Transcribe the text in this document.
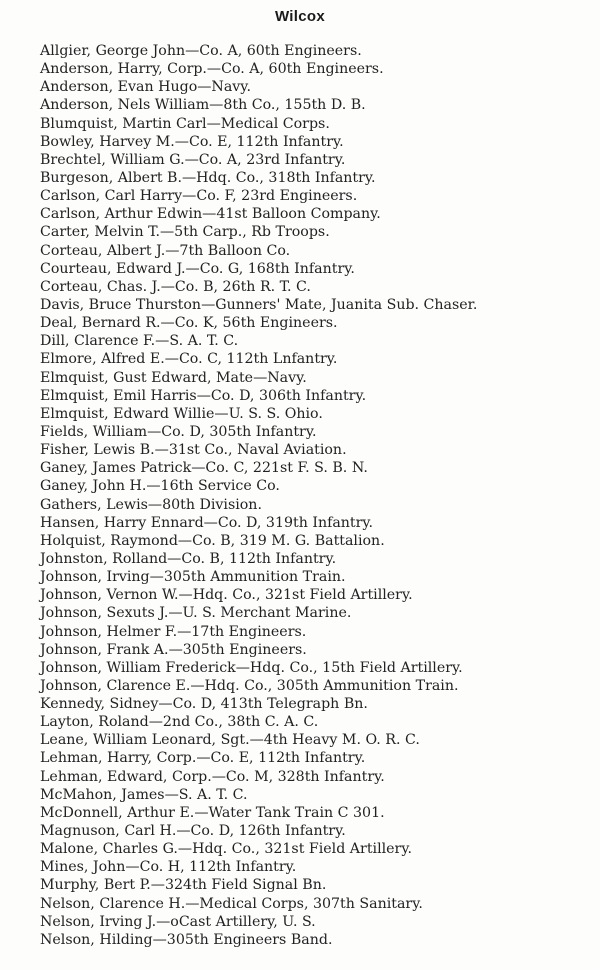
Wilcox
Allgier, George John—Co. A, 60th Engineers.
Anderson, Harry, Corp.—Co. A, 60th Engineers.
Anderson, Evan Hugo—Navy.
Anderson, Nels William—8th Co., 155th D. B.
Blumquist, Martin Carl—Medical Corps.
Bowley, Harvey M.—Co. E, 112th Infantry.
Brechtel, William G.—Co. A, 23rd Infantry.
Burgeson, Albert B.—Hdq. Co., 318th Infantry.
Carlson, Carl Harry—Co. F, 23rd Engineers.
Carlson, Arthur Edwin—41st Balloon Company.
Carter, Melvin T.—5th Carp., Rb Troops.
Corteau, Albert J.—7th Balloon Co.
Courteau, Edward J.—Co. G, 168th Infantry.
Corteau, Chas. J.—Co. B, 26th R. T. C.
Davis, Bruce Thurston—Gunners' Mate, Juanita Sub. Chaser.
Deal, Bernard R.—Co. K, 56th Engineers.
Dill, Clarence F.—S. A. T. C.
Elmore, Alfred E.—Co. C, 112th Lnfantry.
Elmquist, Gust Edward, Mate—Navy.
Elmquist, Emil Harris—Co. D, 306th Infantry.
Elmquist, Edward Willie—U. S. S. Ohio.
Fields, William—Co. D, 305th Infantry.
Fisher, Lewis B.—31st Co., Naval Aviation.
Ganey, James Patrick—Co. C, 221st F. S. B. N.
Ganey, John H.—16th Service Co.
Gathers, Lewis—80th Division.
Hansen, Harry Ennard—Co. D, 319th Infantry.
Holquist, Raymond—Co. B, 319 M. G. Battalion.
Johnston, Rolland—Co. B, 112th Infantry.
Johnson, Irving—305th Ammunition Train.
Johnson, Vernon W.—Hdq. Co., 321st Field Artillery.
Johnson, Sexuts J.—U. S. Merchant Marine.
Johnson, Helmer F.—17th Engineers.
Johnson, Frank A.—305th Engineers.
Johnson, William Frederick—Hdq. Co., 15th Field Artillery.
Johnson, Clarence E.—Hdq. Co., 305th Ammunition Train.
Kennedy, Sidney—Co. D, 413th Telegraph Bn.
Layton, Roland—2nd Co., 38th C. A. C.
Leane, William Leonard, Sgt.—4th Heavy M. O. R. C.
Lehman, Harry, Corp.—Co. E, 112th Infantry.
Lehman, Edward, Corp.—Co. M, 328th Infantry.
McMahon, James—S. A. T. C.
McDonnell, Arthur E.—Water Tank Train C 301.
Magnuson, Carl H.—Co. D, 126th Infantry.
Malone, Charles G.—Hdq. Co., 321st Field Artillery.
Mines, John—Co. H, 112th Infantry.
Murphy, Bert P.—324th Field Signal Bn.
Nelson, Clarence H.—Medical Corps, 307th Sanitary.
Nelson, Irving J.—oCast Artillery, U. S.
Nelson, Hilding—305th Engineers Band.
